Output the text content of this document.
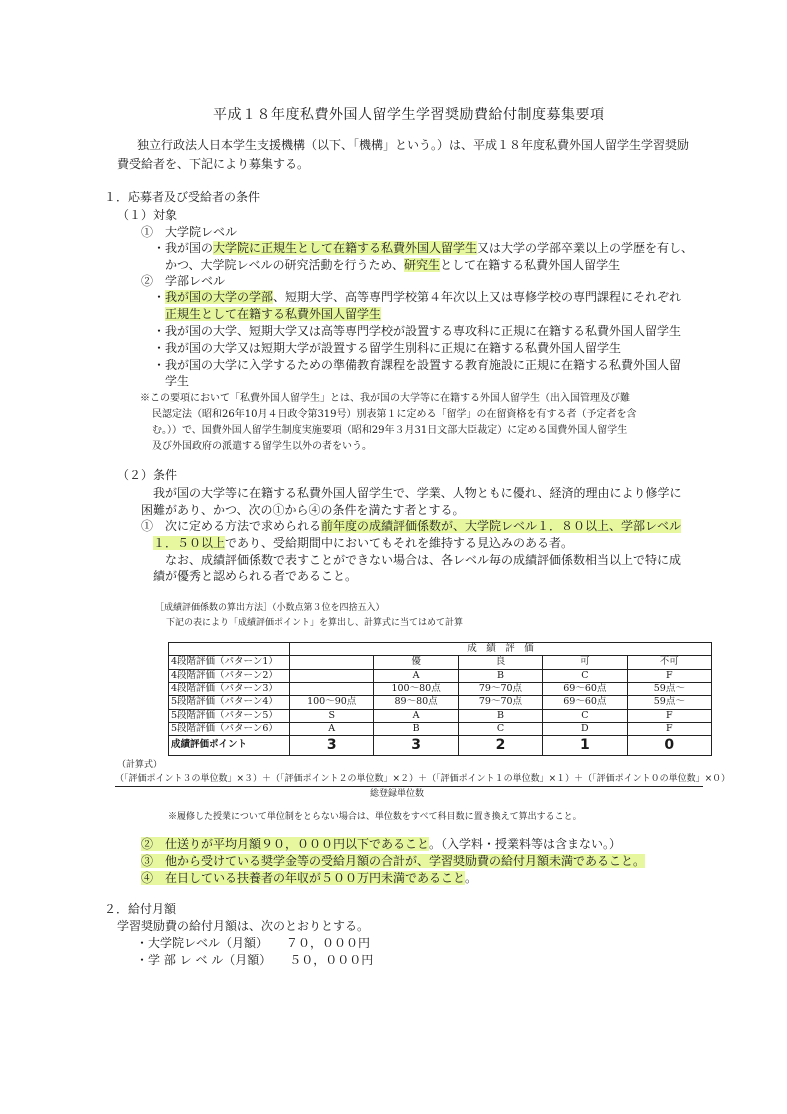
平成１８年度私費外国人留学生学習奨励費給付制度募集要項
独立行政法人日本学生支援機構（以下、「機構」という。）は、平成１８年度私費外国人留学生学習奨励
費受給者を、下記により募集する。
１．応募者及び受給者の条件
（１）対象
①　大学院レベル
・我が国の大学院に正規生として在籍する私費外国人留学生又は大学の学部卒業以上の学歴を有し、
かつ、大学院レベルの研究活動を行うため、研究生として在籍する私費外国人留学生
②　学部レベル
・我が国の大学の学部、短期大学、高等専門学校第４年次以上又は専修学校の専門課程にそれぞれ
正規生として在籍する私費外国人留学生
・我が国の大学、短期大学又は高等専門学校が設置する専攻科に正規に在籍する私費外国人留学生
・我が国の大学又は短期大学が設置する留学生別科に正規に在籍する私費外国人留学生
・我が国の大学に入学するための準備教育課程を設置する教育施設に正規に在籍する私費外国人留
学生
※この要項において「私費外国人留学生」とは、我が国の大学等に在籍する外国人留学生（出入国管理及び難
民認定法（昭和26年10月４日政令第319号）別表第１に定める「留学」の在留資格を有する者（予定者を含
む。））で、国費外国人留学生制度実施要項（昭和29年３月31日文部大臣裁定）に定める国費外国人留学生
及び外国政府の派遣する留学生以外の者をいう。
（２）条件
我が国の大学等に在籍する私費外国人留学生で、学業、人物ともに優れ、経済的理由により修学に
困難があり、かつ、次の①から④の条件を満たす者とする。
①　次に定める方法で求められる前年度の成績評価係数が、大学院レベル１．８０以上、学部レベル
１．５０以上であり、受給期間中においてもそれを維持する見込みのある者。
なお、成績評価係数で表すことができない場合は、各レベル毎の成績評価係数相当以上で特に成
績が優秀と認められる者であること。
［成績評価係数の算出方法］（小数点第３位を四捨五入）
下記の表により「成績評価ポイント」を算出し、計算式に当てはめて計算
	成　績　評　価				
4段階評価（パターン1）		優	良	可	不可
4段階評価（パターン2）		A	B	C	F
4段階評価（パターン3）		100～80点	79～70点	69～60点	59点～
5段階評価（パターン4）	100～90点	89～80点	79～70点	69～60点	59点～
5段階評価（パターン5）	S	A	B	C	F
5段階評価（パターン6）	A	B	C	D	F
成績評価ポイント	3	3	2	1	0
（計算式）
（「評価ポイント３の単位数」×３）＋（「評価ポイント２の単位数」×２）＋（「評価ポイント１の単位数」×１）＋（「評価ポイント０の単位数」×０）
総登録単位数
※履修した授業について単位制をとらない場合は、単位数をすべて科目数に置き換えて算出すること。
②　仕送りが平均月額９０，０００円以下であること。（入学料・授業料等は含まない。）
③　他から受けている奨学金等の受給月額の合計が、学習奨励費の給付月額未満であること。
④　在日している扶養者の年収が５００万円未満であること。
２．給付月額
学習奨励費の給付月額は、次のとおりとする。
・大学院レベル（月額）　　７０，０００円
・学 部 レ ベ ル（月額）　　５０，０００円
